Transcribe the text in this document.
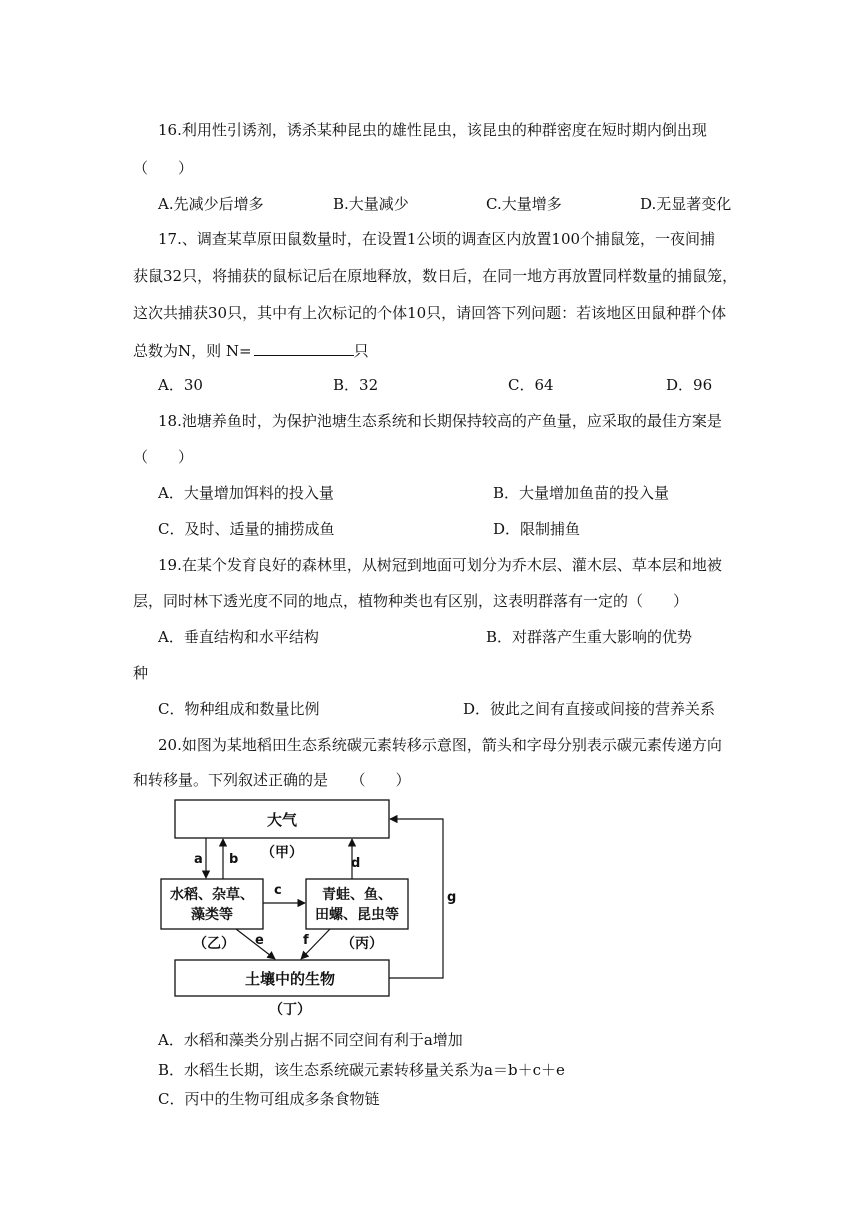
16.利用性引诱剂，诱杀某种昆虫的雄性昆虫，该昆虫的种群密度在短时期内倒出现
（　　）
A.先减少后增多	B.大量减少	C.大量增多	D.无显著变化
17.、调查某草原田鼠数量时，在设置1公顷的调查区内放置100个捕鼠笼，一夜间捕
获鼠32只，将捕获的鼠标记后在原地释放，数日后，在同一地方再放置同样数量的捕鼠笼，
这次共捕获30只，其中有上次标记的个体10只，请回答下列问题：若该地区田鼠种群个体
总数为N，则 N=	只
A．30	B．32	C．64	D．96
18.池塘养鱼时，为保护池塘生态系统和长期保持较高的产鱼量，应采取的最佳方案是
（　　）
A．大量增加饵料的投入量	B．大量增加鱼苗的投入量
C．及时、适量的捕捞成鱼	D．限制捕鱼
19.在某个发育良好的森林里，从树冠到地面可划分为乔木层、灌木层、草本层和地被
层，同时林下透光度不同的地点，植物种类也有区别，这表明群落有一定的（　　）
A．垂直结构和水平结构	B．对群落产生重大影响的优势
种
C．物种组成和数量比例	D．彼此之间有直接或间接的营养关系
20.如图为某地稻田生态系统碳元素转移示意图，箭头和字母分别表示碳元素传递方向
和转移量。下列叙述正确的是　　（　　）
大气
（甲）
水稻、杂草、
藻类等
（乙）
青蛙、鱼、
田螺、昆虫等
（丙）
土壤中的生物
（丁）
a b
c
d
e	f
g
A．水稻和藻类分别占据不同空间有利于a增加
B．水稻生长期，该生态系统碳元素转移量关系为a＝b＋c＋e
C．丙中的生物可组成多条食物链
